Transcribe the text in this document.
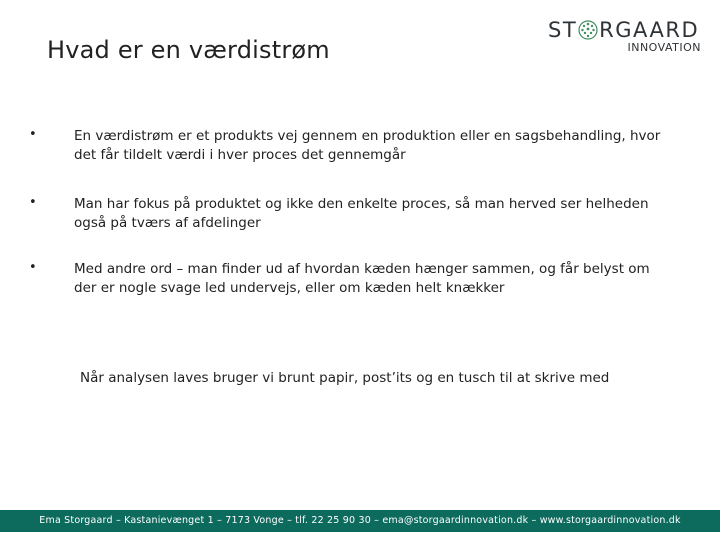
Hvad er en værdistrøm
ST RGAARD
INNOVATION
•	En værdistrøm er et produkts vej gennem en produktion eller en sagsbehandling, hvor det får tildelt værdi i hver proces det gennemgår
•	Man har fokus på produktet og ikke den enkelte proces, så man herved ser helheden også på tværs af afdelinger
•	Med andre ord – man finder ud af hvordan kæden hænger sammen, og får belyst om der er nogle svage led undervejs, eller om kæden helt knækker
Når analysen laves bruger vi brunt papir, post’its og en tusch til at skrive med
Ema Storgaard – Kastanievænget 1 – 7173 Vonge – tlf. 22 25 90 30 – ema@storgaardinnovation.dk – www.storgaardinnovation.dk
